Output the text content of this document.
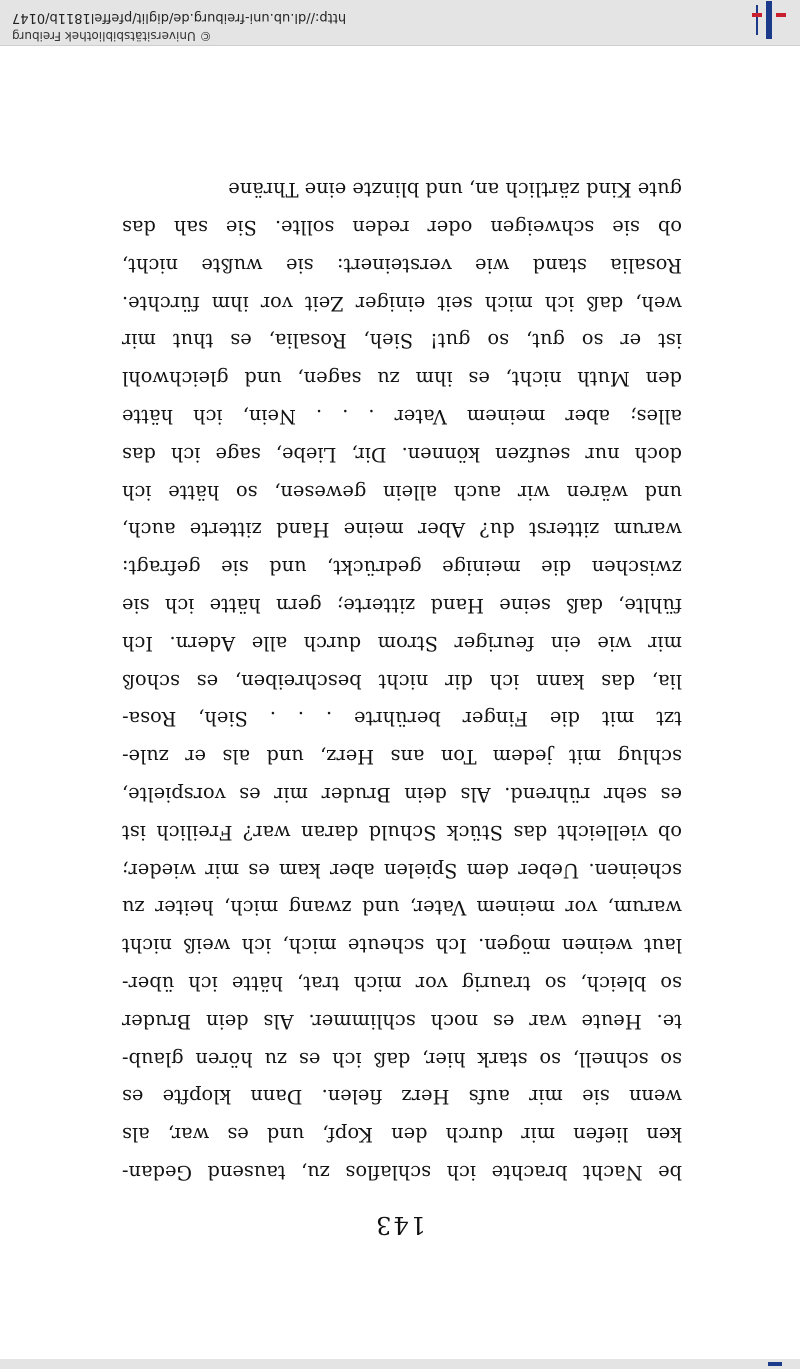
143
be Nacht brachte ich schlaflos zu, tausend Gedan-
ken liefen mir durch den Kopf, und es war, als
wenn sie mir aufs Herz fielen. Dann klopfte es
so schnell, so stark hier, daß ich es zu hören glaub-
te. Heute war es noch schlimmer. Als dein Bruder
so bleich, so traurig vor mich trat, hätte ich über-
laut weinen mögen. Ich scheute mich, ich weiß nicht
warum, vor meinem Vater, und zwang mich, heiter zu
scheinen. Ueber dem Spielen aber kam es mir wieder;
ob vielleicht das Stück Schuld daran war? Freilich ist
es sehr rührend. Als dein Bruder mir es vorspielte,
schlug mit jedem Ton ans Herz, und als er zule-
tzt mit die Finger berührte . . . Sieh, Rosa-
lia, das kann ich dir nicht beschreiben, es schoß
mir wie ein feuriger Strom durch alle Adern. Ich
fühlte, daß seine Hand zitterte; gern hätte ich sie
zwischen die meinige gedrückt, und sie gefragt:
warum zitterst du? Aber meine Hand zitterte auch,
und wären wir auch allein gewesen, so hätte ich
doch nur seufzen können. Dir, Liebe, sage ich das
alles; aber meinem Vater . . . Nein, ich hätte
den Muth nicht, es ihm zu sagen, und gleichwohl
ist er so gut, so gut! Sieh, Rosalia, es thut mir
weh, daß ich mich seit einiger Zeit vor ihm fürchte.
Rosalia stand wie versteinert: sie wußte nicht,
ob sie schweigen oder reden sollte. Sie sah das
gute Kind zärtlich an, und blinzte eine Thräne
© Universitätsbibliothek Freiburg
http://dl.ub.uni-freiburg.de/diglit/pfeffel1811b/0147
